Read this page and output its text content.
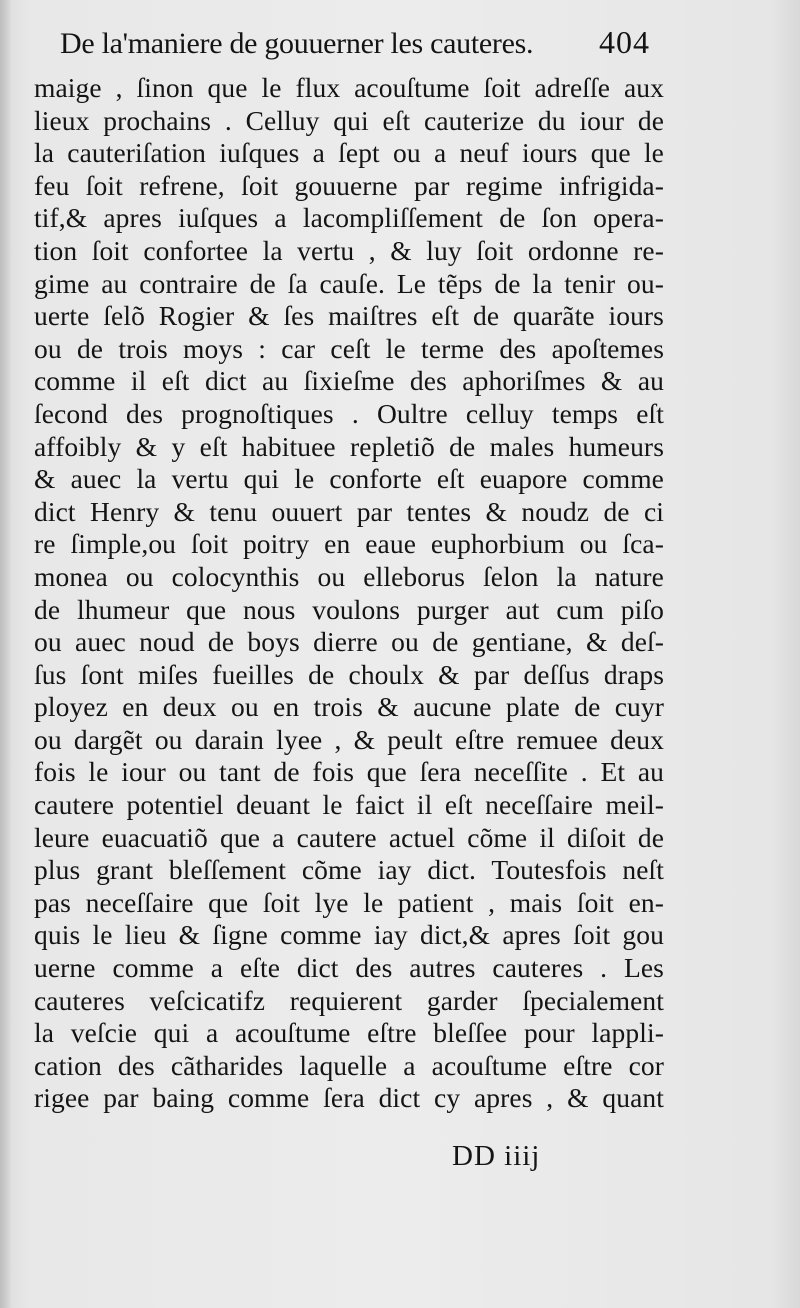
De la'maniere de gouuerner les cauteres. 404
maige , ſinon que le flux acouſtume ſoit adreſſe aux
lieux prochains . Celluy qui eſt cauterize du iour de
la cauteriſation iuſques a ſept ou a neuf iours que le
feu ſoit refrene, ſoit gouuerne par regime infrigida-
tif,& apres iuſques a lacompliſſement de ſon opera-
tion ſoit confortee la vertu , & luy ſoit ordonne re-
gime au contraire de ſa cauſe. Le tẽps de la tenir ou-
uerte ſelõ Rogier & ſes maiſtres eſt de quarãte iours
ou de trois moys : car ceſt le terme des apoſtemes
comme il eſt dict au ſixieſme des aphoriſmes & au
ſecond des prognoſtiques . Oultre celluy temps eſt
affoibly & y eſt habituee repletiõ de males humeurs
& auec la vertu qui le conforte eſt euapore comme
dict Henry & tenu ouuert par tentes & noudz de ci
re ſimple,ou ſoit poitry en eaue euphorbium ou ſca-
monea ou colocynthis ou elleborus ſelon la nature
de lhumeur que nous voulons purger aut cum piſo
ou auec noud de boys dierre ou de gentiane, & deſ-
ſus ſont miſes fueilles de choulx & par deſſus draps
ployez en deux ou en trois & aucune plate de cuyr
ou dargẽt ou darain lyee , & peult eſtre remuee deux
fois le iour ou tant de fois que ſera neceſſite . Et au
cautere potentiel deuant le faict il eſt neceſſaire meil-
leure euacuatiõ que a cautere actuel cõme il diſoit de
plus grant bleſſement cõme iay dict. Toutesfois neſt
pas neceſſaire que ſoit lye le patient , mais ſoit en-
quis le lieu & ſigne comme iay dict,& apres ſoit gou
uerne comme a eſte dict des autres cauteres . Les
cauteres veſcicatifz requierent garder ſpecialement
la veſcie qui a acouſtume eſtre bleſſee pour lappli-
cation des cãtharides laquelle a acouſtume eſtre cor
rigee par baing comme ſera dict cy apres , & quant
DD iiij
